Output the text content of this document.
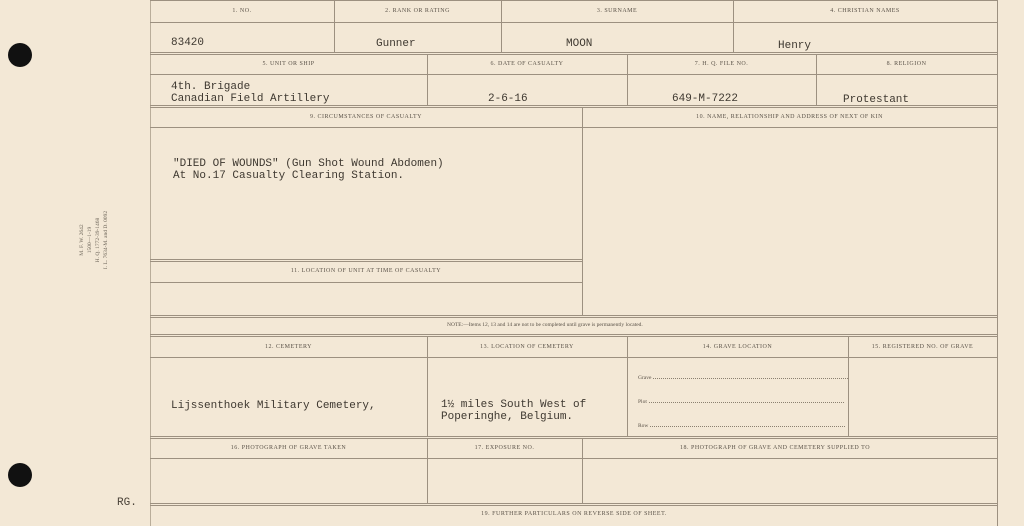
M. F. W. 2642 1500—1-19 H. Q. 1772-39-1468 I. L. 7634-M. and D. 0092
RG.
1. NO.	2. RANK OR RATING	3. SURNAME	4. CHRISTIAN NAMES
83420	Gunner	MOON	Henry
5. UNIT OR SHIP	6. DATE OF CASUALTY	7. H. Q. FILE NO.	8. RELIGION
4th. Brigade
Canadian Field Artillery	2-6-16	649-M-7222	Protestant
9. CIRCUMSTANCES OF CASUALTY	10. NAME, RELATIONSHIP AND ADDRESS OF NEXT OF KIN
"DIED OF WOUNDS" (Gun Shot Wound Abdomen)
At No.17 Casualty Clearing Station.
11. LOCATION OF UNIT AT TIME OF CASUALTY
NOTE:—Items 12, 13 and 14 are not to be completed until grave is permanently located.
12. CEMETERY	13. LOCATION OF CEMETERY	14. GRAVE LOCATION	15. REGISTERED NO. OF GRAVE
Lijssenthoek Military Cemetery,	1½ miles South West of
Poperinghe, Belgium.
Grave
Plot
Row
16. PHOTOGRAPH OF GRAVE TAKEN	17. EXPOSURE NO.	18. PHOTOGRAPH OF GRAVE AND CEMETERY SUPPLIED TO
19. FURTHER PARTICULARS ON REVERSE SIDE OF SHEET.
